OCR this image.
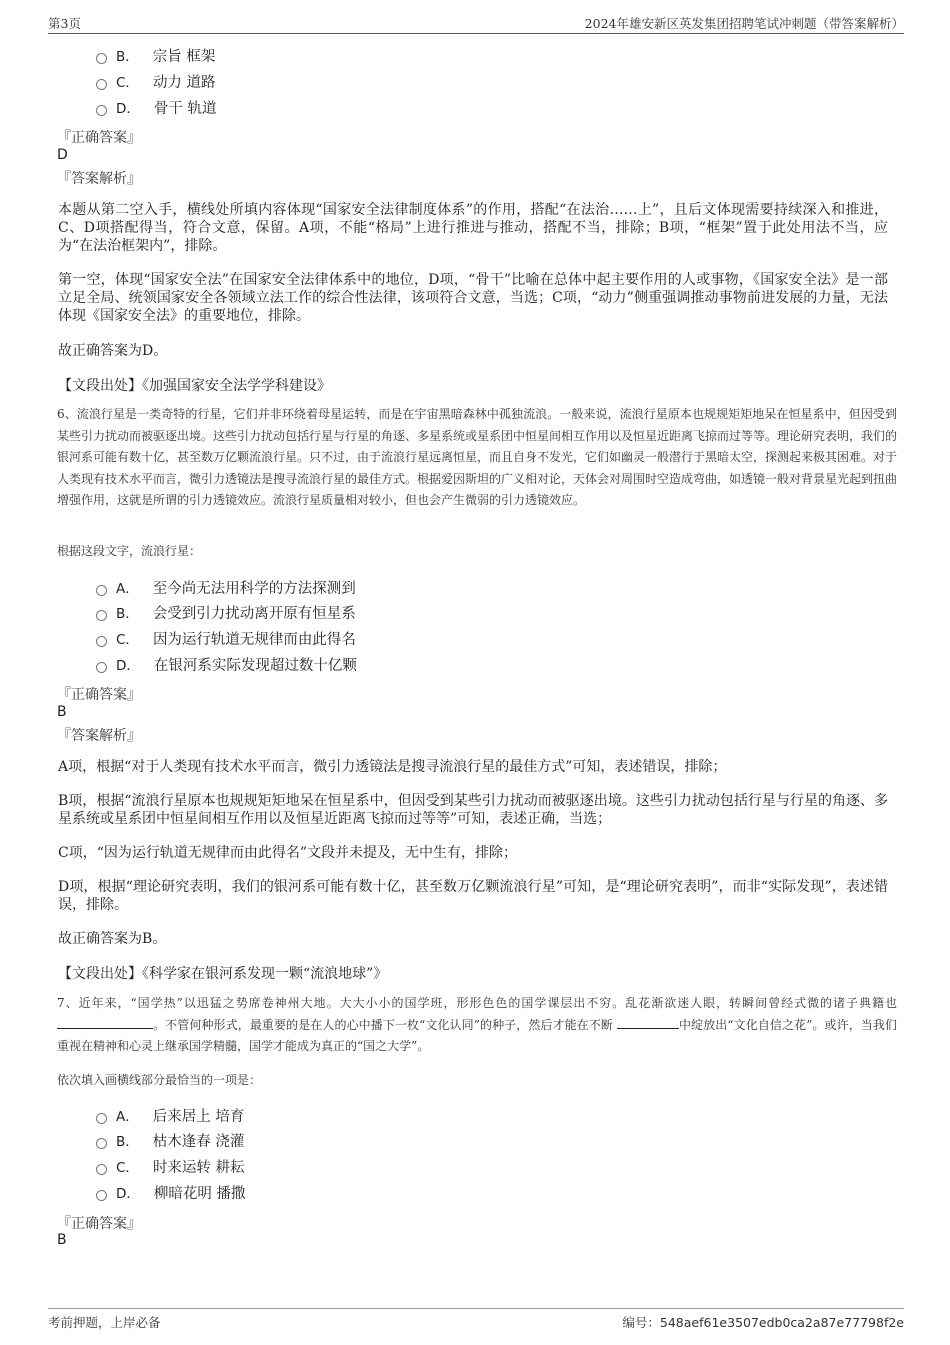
第3页	2024年雄安新区英发集团招聘笔试冲刺题（带答案解析）
B． 宗旨 框架
C． 动力 道路
D． 骨干 轨道
『正确答案』
D
『答案解析』
本题从第二空入手，横线处所填内容体现“国家安全法律制度体系”的作用，搭配“在法治……上”，且后文体现需要持续深入和推进，C、D项搭配得当，符合文意，保留。A项，不能“格局”上进行推进与推动，搭配不当，排除；B项，“框架”置于此处用法不当，应为“在法治框架内”，排除。
第一空，体现“国家安全法”在国家安全法律体系中的地位，D项，“骨干”比喻在总体中起主要作用的人或事物，《国家安全法》是一部立足全局、统领国家安全各领域立法工作的综合性法律，该项符合文意，当选；C项，“动力”侧重强调推动事物前进发展的力量，无法体现《国家安全法》的重要地位，排除。
故正确答案为D。
【文段出处】《加强国家安全法学学科建设》
6、流浪行星是一类奇特的行星，它们并非环绕着母星运转，而是在宇宙黑暗森林中孤独流浪。一般来说，流浪行星原本也规规矩矩地呆在恒星系中，但因受到某些引力扰动而被驱逐出境。这些引力扰动包括行星与行星的角逐、多星系统或星系团中恒星间相互作用以及恒星近距离飞掠而过等等。理论研究表明，我们的银河系可能有数十亿，甚至数万亿颗流浪行星。只不过，由于流浪行星远离恒星，而且自身不发光，它们如幽灵一般潜行于黑暗太空，探测起来极其困难。对于人类现有技术水平而言，微引力透镜法是搜寻流浪行星的最佳方式。根据爱因斯坦的广义相对论，天体会对周围时空造成弯曲，如透镜一般对背景星光起到扭曲增强作用，这就是所谓的引力透镜效应。流浪行星质量相对较小，但也会产生微弱的引力透镜效应。
根据这段文字，流浪行星：
A． 至今尚无法用科学的方法探测到
B． 会受到引力扰动离开原有恒星系
C． 因为运行轨道无规律而由此得名
D． 在银河系实际发现超过数十亿颗
『正确答案』
B
『答案解析』
A项，根据“对于人类现有技术水平而言，微引力透镜法是搜寻流浪行星的最佳方式”可知，表述错误，排除；
B项，根据“流浪行星原本也规规矩矩地呆在恒星系中，但因受到某些引力扰动而被驱逐出境。这些引力扰动包括行星与行星的角逐、多星系统或星系团中恒星间相互作用以及恒星近距离飞掠而过等等”可知，表述正确，当选；
C项，“因为运行轨道无规律而由此得名”文段并未提及，无中生有，排除；
D项，根据“理论研究表明，我们的银河系可能有数十亿，甚至数万亿颗流浪行星”可知，是“理论研究表明”，而非“实际发现”，表述错误，排除。
故正确答案为B。
【文段出处】《科学家在银河系发现一颗“流浪地球”》
7、近年来，“国学热”以迅猛之势席卷神州大地。大大小小的国学班，形形色色的国学课层出不穷。乱花渐欲迷人眼，转瞬间曾经式微的诸子典籍也 。不管何种形式，最重要的是在人的心中播下一枚“文化认同”的种子，然后才能在不断	中绽放出“文化自信之花”。或许，当我们重视在精神和心灵上继承国学精髓，国学才能成为真正的“国之大学”。
依次填入画横线部分最恰当的一项是：
A． 后来居上 培育
B． 枯木逢春 浇灌
C． 时来运转 耕耘
D． 柳暗花明 播撒
『正确答案』
B
考前押题，上岸必备	编号：548aef61e3507edb0ca2a87e77798f2e
